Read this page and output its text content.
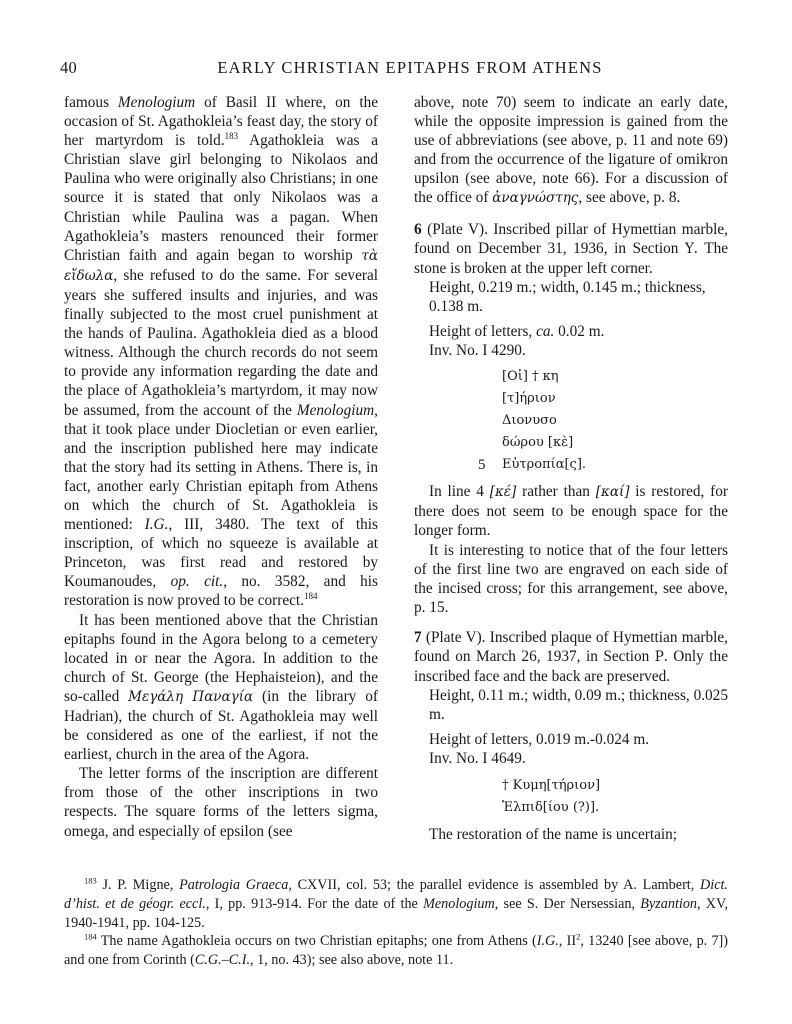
40	EARLY CHRISTIAN EPITAPHS FROM ATHENS

famous Menologium of Basil II where, on the occasion of St. Agathokleia’s feast day, the story of her martyrdom is told.$^{183}$ Agathokleia was a Christian slave girl belonging to Nikolaos and Paulina who were originally also Christians; in one source it is stated that only Nikolaos was a Christian while Paulina was a pagan. When Agathokleia’s masters renounced their former Christian faith and again began to worship τὰ εἴδωλα, she refused to do the same. For several years she suffered insults and injuries, and was finally subjected to the most cruel punishment at the hands of Paulina. Agathokleia died as a blood witness. Although the church records do not seem to provide any information regarding the date and the place of Agathokleia’s martyrdom, it may now be assumed, from the account of the Menologium, that it took place under Diocletian or even earlier, and the inscription published here may indicate that the story had its setting in Athens. There is, in fact, another early Christian epitaph from Athens on which the church of St. Agathokleia is mentioned: I.G., III, 3480. The text of this inscription, of which no squeeze is available at Princeton, was first read and restored by Koumanoudes, op. cit., no. 3582, and his restoration is now proved to be correct.$^{184}$

It has been mentioned above that the Christian epitaphs found in the Agora belong to a cemetery located in or near the Agora. In addition to the church of St. George (the Hephaisteion), and the so-called Μεγάλη Παναγία (in the library of Hadrian), the church of St. Agathokleia may well be considered as one of the earliest, if not the earliest, church in the area of the Agora.

The letter forms of the inscription are different from those of the other inscriptions in two respects. The square forms of the letters sigma, omega, and especially of epsilon (see

above, note 70) seem to indicate an early date, while the opposite impression is gained from the use of abbreviations (see above, p. 11 and note 69) and from the occurrence of the ligature of omikron upsilon (see above, note 66). For a discussion of the office of ἀναγνώστης, see above, p. 8.

6 (Plate V). Inscribed pillar of Hymettian marble, found on December 31, 1936, in Section Υ. The stone is broken at the upper left corner.

Height, 0.219 m.; width, 0.145 m.; thickness, 0.138 m.

Height of letters, ca. 0.02 m.

Inv. No. I 4290.

[Οἰ] † κη
[τ]ήριον
Διονυσο
δώρου [κὲ]
5 Εὐτροπία[ς].

In line 4 [κέ] rather than [καί] is restored, for there does not seem to be enough space for the longer form.

It is interesting to notice that of the four letters of the first line two are engraved on each side of the incised cross; for this arrangement, see above, p. 15.

7 (Plate V). Inscribed plaque of Hymettian marble, found on March 26, 1937, in Section Ρ. Only the inscribed face and the back are preserved.

Height, 0.11 m.; width, 0.09 m.; thickness, 0.025 m.

Height of letters, 0.019 m.-0.024 m.

Inv. No. I 4649.

† Κυμη[τήριον]
Ἐλπιδ[ίου (?)].

The restoration of the name is uncertain;

$^{183}$ J. P. Migne, Patrologia Graeca, CXVII, col. 53; the parallel evidence is assembled by A. Lambert, Dict. d’hist. et de géogr. eccl., I, pp. 913-914. For the date of the Menologium, see S. Der Nersessian, Byzantion, XV, 1940-1941, pp. 104-125.

$^{184}$ The name Agathokleia occurs on two Christian epitaphs; one from Athens (I.G., $II^2$, 13240 [see above, p. 7]) and one from Corinth (C.G.–C.I., 1, no. 43); see also above, note 11.
